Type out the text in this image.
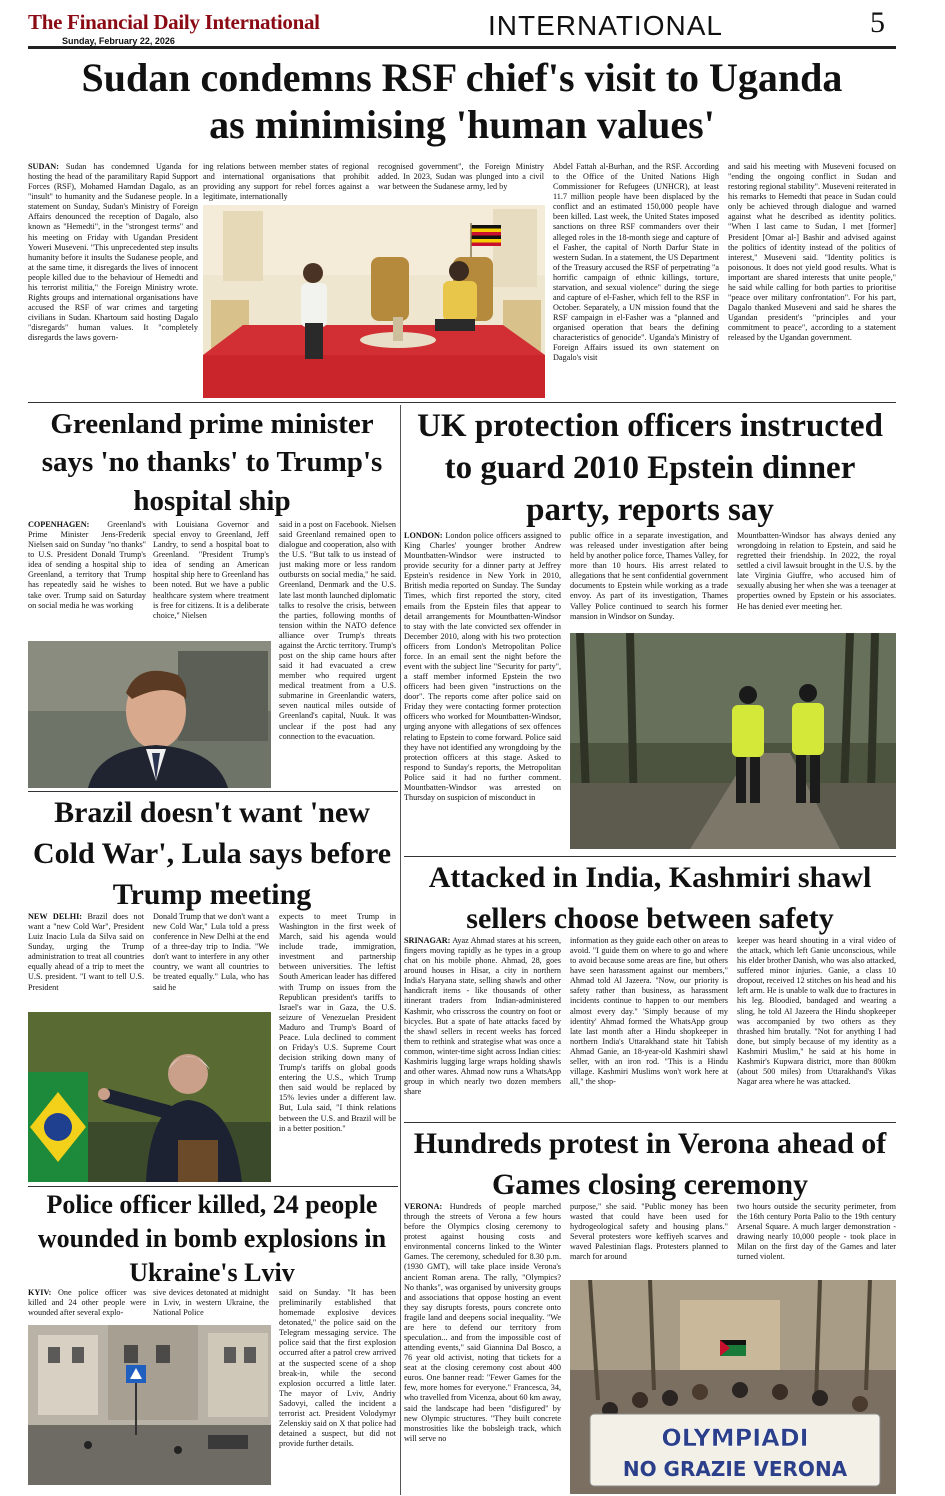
The Financial Daily International
Sunday, February 22, 2026	INTERNATIONAL	5
Sudan condemns RSF chief's visit to Uganda
as minimising 'human values'

SUDAN: Sudan has condemned Uganda for hosting the head of the paramilitary Rapid Support Forces (RSF), Mohamed Hamdan Dagalo, as an "insult" to humanity and the Sudanese people. In a statement on Sunday, Sudan's Ministry of Foreign Affairs denounced the reception of Dagalo, also known as "Hemedti", in the "strongest terms" and his meeting on Friday with Ugandan President Yoweri Museveni. "This unprecedented step insults humanity before it insults the Sudanese people, and at the same time, it disregards the lives of innocent people killed due to the behaviour of Hemedti and his terrorist militia," the Foreign Ministry wrote. Rights groups and international organisations have accused the RSF of war crimes and targeting civilians in Sudan. Khartoum said hosting Dagalo "disregards" human values. It "completely disregards the laws govern-

ing relations between member states of regional and international organisations that prohibit providing any support for rebel forces against a legitimate, internationally

recognised government", the Foreign Ministry added. In 2023, Sudan was plunged into a civil war between the Sudanese army, led by

Abdel Fattah al-Burhan, and the RSF. According to the Office of the United Nations High Commissioner for Refugees (UNHCR), at least 11.7 million people have been displaced by the conflict and an estimated 150,000 people have been killed. Last week, the United States imposed sanctions on three RSF commanders over their alleged roles in the 18-month siege and capture of el Fasher, the capital of North Darfur State in western Sudan. In a statement, the US Department of the Treasury accused the RSF of perpetrating "a horrific campaign of ethnic killings, torture, starvation, and sexual violence" during the siege and capture of el-Fasher, which fell to the RSF in October. Separately, a UN mission found that the RSF campaign in el-Fasher was a "planned and organised operation that bears the defining characteristics of genocide". Uganda's Ministry of Foreign Affairs issued its own statement on Dagalo's visit

and said his meeting with Museveni focused on "ending the ongoing conflict in Sudan and restoring regional stability". Museveni reiterated in his remarks to Hemedti that peace in Sudan could only be achieved through dialogue and warned against what he described as identity politics. "When I last came to Sudan, I met [former] President [Omar al-] Bashir and advised against the politics of identity instead of the politics of interest," Museveni said. "Identity politics is poisonous. It does not yield good results. What is important are shared interests that unite people," he said while calling for both parties to prioritise "peace over military confrontation". For his part, Dagalo thanked Museveni and said he shares the Ugandan president's "principles and your commitment to peace", according to a statement released by the Ugandan government.

Greenland prime minister says 'no thanks' to Trump's hospital ship

COPENHAGEN: Greenland's Prime Minister Jens-Frederik Nielsen said on Sunday "no thanks" to U.S. President Donald Trump's idea of sending a hospital ship to Greenland, a territory that Trump has repeatedly said he wishes to take over. Trump said on Saturday on social media he was working

with Louisiana Governor and special envoy to Greenland, Jeff Landry, to send a hospital boat to Greenland. "President Trump's idea of sending an American hospital ship here to Greenland has been noted. But we have a public healthcare system where treatment is free for citizens. It is a deliberate choice," Nielsen

said in a post on Facebook. Nielsen said Greenland remained open to dialogue and cooperation, also with the U.S. "But talk to us instead of just making more or less random outbursts on social media," he said. Greenland, Denmark and the U.S. late last month launched diplomatic talks to resolve the crisis, between the parties, following months of tension within the NATO defence alliance over Trump's threats against the Arctic territory. Trump's post on the ship came hours after said it had evacuated a crew member who required urgent medical treatment from a U.S. submarine in Greenlandic waters, seven nautical miles outside of Greenland's capital, Nuuk. It was unclear if the post had any connection to the evacuation.

UK protection officers instructed to guard 2010 Epstein dinner party, reports say

LONDON: London police officers assigned to King Charles' younger brother Andrew Mountbatten-Windsor were instructed to provide security for a dinner party at Jeffrey Epstein's residence in New York in 2010, British media reported on Sunday. The Sunday Times, which first reported the story, cited emails from the Epstein files that appear to detail arrangements for Mountbatten-Windsor to stay with the late convicted sex offender in December 2010, along with his two protection officers from London's Metropolitan Police force. In an email sent the night before the event with the subject line "Security for party", a staff member informed Epstein the two officers had been given "instructions on the door". The reports come after police said on Friday they were contacting former protection officers who worked for Mountbatten-Windsor, urging anyone with allegations of sex offences relating to Epstein to come forward. Police said they have not identified any wrongdoing by the protection officers at this stage. Asked to respond to Sunday's reports, the Metropolitan Police said it had no further comment. Mountbatten-Windsor was arrested on Thursday on suspicion of misconduct in

public office in a separate investigation, and was released under investigation after being held by another police force, Thames Valley, for more than 10 hours. His arrest related to allegations that he sent confidential government documents to Epstein while working as a trade envoy. As part of its investigation, Thames Valley Police continued to search his former mansion in Windsor on Sunday.

Mountbatten-Windsor has always denied any wrongdoing in relation to Epstein, and said he regretted their friendship. In 2022, the royal settled a civil lawsuit brought in the U.S. by the late Virginia Giuffre, who accused him of sexually abusing her when she was a teenager at properties owned by Epstein or his associates. He has denied ever meeting her.

Brazil doesn't want 'new Cold War', Lula says before Trump meeting

NEW DELHI: Brazil does not want a "new Cold War", President Luiz Inacio Lula da Silva said on Sunday, urging the Trump administration to treat all countries equally ahead of a trip to meet the U.S. president. "I want to tell U.S. President

Donald Trump that we don't want a new Cold War," Lula told a press conference in New Delhi at the end of a three-day trip to India. "We don't want to interfere in any other country, we want all countries to be treated equally." Lula, who has said he

expects to meet Trump in Washington in the first week of March, said his agenda would include trade, immigration, investment and partnership between universities. The leftist South American leader has differed with Trump on issues from the Republican president's tariffs to Israel's war in Gaza, the U.S. seizure of Venezuelan President Maduro and Trump's Board of Peace. Lula declined to comment on Friday's U.S. Supreme Court decision striking down many of Trump's tariffs on global goods entering the U.S., which Trump then said would be replaced by 15% levies under a different law. But, Lula said, "I think relations between the U.S. and Brazil will be in a better position."

Attacked in India, Kashmiri shawl sellers choose between safety

SRINAGAR: Ayaz Ahmad stares at his screen, fingers moving rapidly as he types in a group chat on his mobile phone. Ahmad, 28, goes around houses in Hisar, a city in northern India's Haryana state, selling shawls and other handicraft items - like thousands of other itinerant traders from Indian-administered Kashmir, who crisscross the country on foot or bicycles. But a spate of hate attacks faced by the shawl sellers in recent weeks has forced them to rethink and strategise what was once a common, winter-time sight across Indian cities: Kashmiris lugging large wraps holding shawls and other wares. Ahmad now runs a WhatsApp group in which nearly two dozen members share

information as they guide each other on areas to avoid. "I guide them on where to go and where to avoid because some areas are fine, but others have seen harassment against our members," Ahmad told Al Jazeera. "Now, our priority is safety rather than business, as harassment incidents continue to happen to our members almost every day." 'Simply because of my identity' Ahmad formed the WhatsApp group late last month after a Hindu shopkeeper in northern India's Uttarakhand state hit Tabish Ahmad Ganie, an 18-year-old Kashmiri shawl seller, with an iron rod. "This is a Hindu village. Kashmiri Muslims won't work here at all," the shop-

keeper was heard shouting in a viral video of the attack, which left Ganie unconscious, while his elder brother Danish, who was also attacked, suffered minor injuries. Ganie, a class 10 dropout, received 12 stitches on his head and his left arm. He is unable to walk due to fractures in his leg. Bloodied, bandaged and wearing a sling, he told Al Jazeera the Hindu shopkeeper was accompanied by two others as they thrashed him brutally. "Not for anything I had done, but simply because of my identity as a Kashmiri Muslim," he said at his home in Kashmir's Kupwara district, more than 800km (about 500 miles) from Uttarakhand's Vikas Nagar area where he was attacked.

Hundreds protest in Verona ahead of Games closing ceremony

VERONA: Hundreds of people marched through the streets of Verona a few hours before the Olympics closing ceremony to protest against housing costs and environmental concerns linked to the Winter Games. The ceremony, scheduled for 8.30 p.m. (1930 GMT), will take place inside Verona's ancient Roman arena. The rally, "Olympics? No thanks", was organised by university groups and associations that oppose hosting an event they say disrupts forests, pours concrete onto fragile land and deepens social inequality. "We are here to defend our territory from speculation... and from the impossible cost of attending events," said Giannina Dal Bosco, a 76 year old activist, noting that tickets for a seat at the closing ceremony cost about 400 euros. One banner read: "Fewer Games for the few, more homes for everyone." Francesca, 34, who travelled from Vicenza, about 60 km away, said the landscape had been "disfigured" by new Olympic structures. "They built concrete monstrosities like the bobsleigh track, which will serve no

purpose," she said. "Public money has been wasted that could have been used for hydrogeological safety and housing plans." Several protesters wore keffiyeh scarves and waved Palestinian flags. Protesters planned to march for around

two hours outside the security perimeter, from the 16th century Porta Palio to the 19th century Arsenal Square. A much larger demonstration - drawing nearly 10,000 people - took place in Milan on the first day of the Games and later turned violent.

OLYMPIADI
NO GRAZIE VERONA
Police officer killed, 24 people wounded in bomb explosions in Ukraine's Lviv

KYIV: One police officer was killed and 24 other people were wounded after several explo-

sive devices detonated at midnight in Lviv, in western Ukraine, the National Police

said on Sunday. "It has been preliminarily established that homemade explosive devices detonated," the police said on the Telegram messaging service. The police said that the first explosion occurred after a patrol crew arrived at the suspected scene of a shop break-in, while the second explosion occurred a little later. The mayor of Lviv, Andriy Sadovyi, called the incident a terrorist act. President Volodymyr Zelenskiy said on X that police had detained a suspect, but did not provide further details.
